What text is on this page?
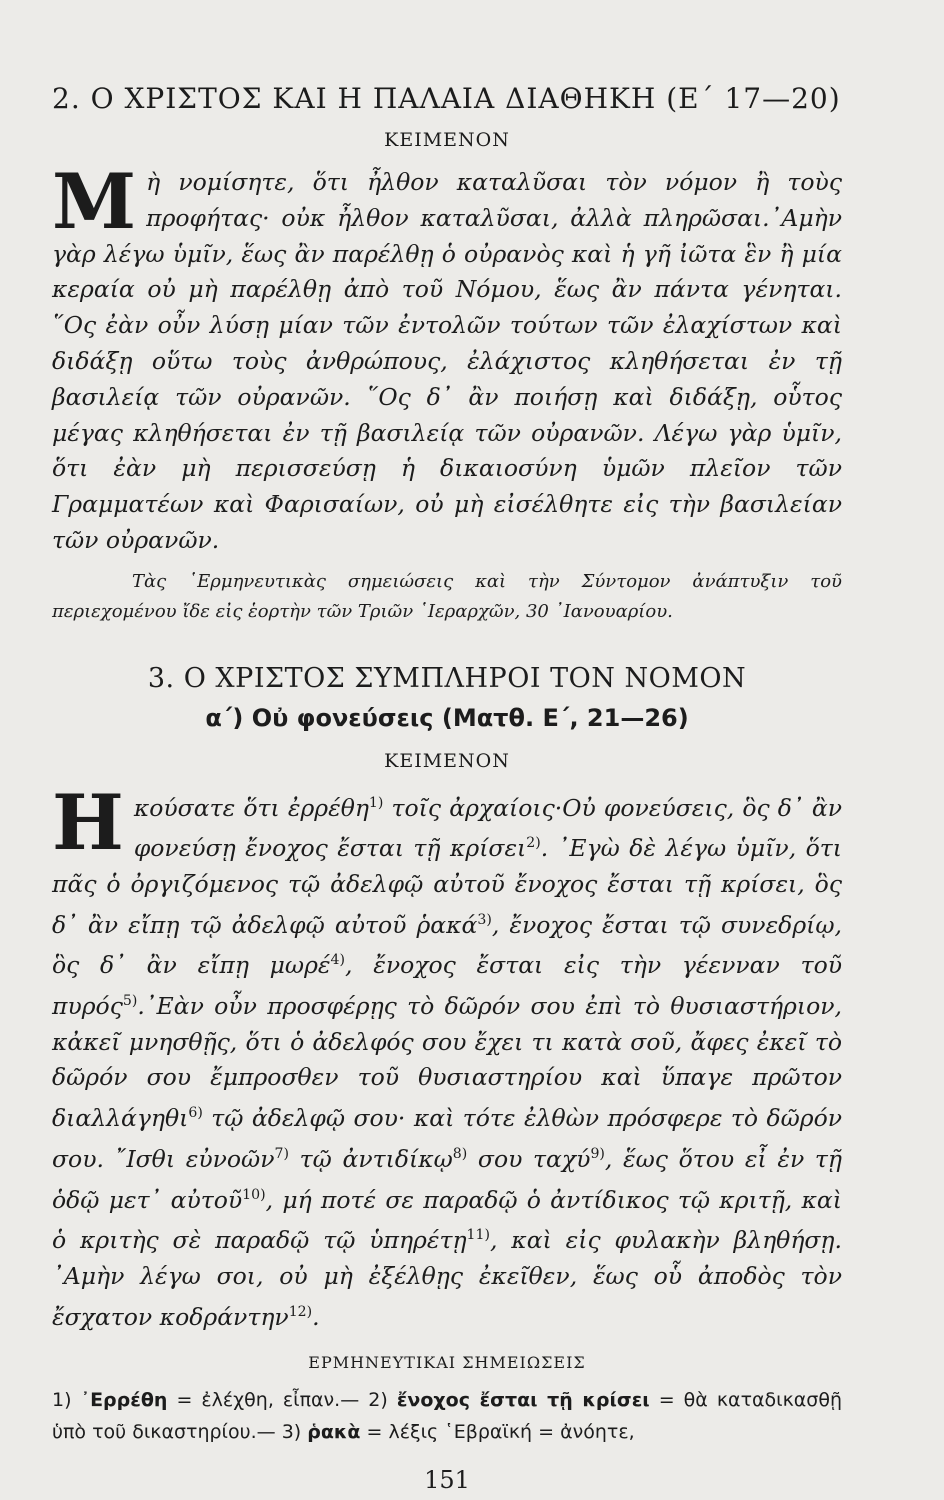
2. Ο ΧΡΙΣΤΟΣ ΚΑΙ Η ΠΑΛΑΙΑ ΔΙΑΘΗΚΗ (Ε΄ 17—20)
ΚΕΙΜΕΝΟΝ

Μὴ νομίσητε, ὅτι ἦλθον καταλῦσαι τὸν νόμον ἢ τοὺς προφήτας· οὐκ ἦλθον καταλῦσαι, ἀλλὰ πληρῶσαι.᾿Αμὴν γὰρ λέγω ὑμῖν, ἕως ἂν παρέλθῃ ὁ οὐρανὸς καὶ ἡ γῆ ἰῶτα ἓν ἢ μία κεραία οὐ μὴ παρέλθῃ ἀπὸ τοῦ Νόμου, ἕως ἂν πάντα γένηται. ῞Ος ἐὰν οὖν λύσῃ μίαν τῶν ἐντολῶν τούτων τῶν ἐλαχίστων καὶ διδάξῃ οὕτω τοὺς ἀνθρώπους, ἐλάχιστος κληθήσεται ἐν τῇ βασιλείᾳ τῶν οὐρανῶν. ῞Ος δ᾿ ἂν ποιήσῃ καὶ διδάξῃ, οὗτος μέγας κληθήσεται ἐν τῇ βασιλείᾳ τῶν οὐρανῶν. Λέγω γὰρ ὑμῖν, ὅτι ἐὰν μὴ περισσεύσῃ ἡ δικαιοσύνη ὑμῶν πλεῖον τῶν Γραμματέων καὶ Φαρισαίων, οὐ μὴ εἰσέλθητε εἰς τὴν βασιλείαν τῶν οὐρανῶν.

Τὰς ῾Ερμηνευτικὰς σημειώσεις καὶ τὴν Σύντομον ἀνάπτυξιν τοῦ περιεχομένου ἴδε εἰς ἑορτὴν τῶν Τριῶν ῾Ιεραρχῶν, 30 ᾿Ιανουαρίου.

3. Ο ΧΡΙΣΤΟΣ ΣΥΜΠΛΗΡΟΙ ΤΟΝ ΝΟΜΟΝ
α΄) Οὐ φονεύσεις (Ματθ. Ε΄, 21—26)
ΚΕΙΜΕΝΟΝ

Ηκούσατε ὅτι ἐρρέθη$^{1)}$ τοῖς ἀρχαίοις·Οὐ φονεύσεις, ὃς δ᾿ ἂν φονεύσῃ ἔνοχος ἔσται τῇ κρίσει$^{2)}$. ᾿Εγὼ δὲ λέγω ὑμῖν, ὅτι πᾶς ὁ ὀργιζόμενος τῷ ἀδελφῷ αὐτοῦ ἔνοχος ἔσται τῇ κρίσει, ὃς δ᾿ ἂν εἴπῃ τῷ ἀδελφῷ αὐτοῦ ῥακά$^{3)}$, ἔνοχος ἔσται τῷ συνεδρίῳ, ὃς δ᾿ ἂν εἴπῃ μωρέ$^{4)}$, ἔνοχος ἔσται εἰς τὴν γέενναν τοῦ πυρός$^{5)}$.᾿Εὰν οὖν προσφέρῃς τὸ δῶρόν σου ἐπὶ τὸ θυσιαστήριον, κἀκεῖ μνησθῇς, ὅτι ὁ ἀδελφός σου ἔχει τι κατὰ σοῦ, ἄφες ἐκεῖ τὸ δῶρόν σου ἔμπροσθεν τοῦ θυσιαστηρίου καὶ ὕπαγε πρῶτον διαλλάγηθι$^{6)}$ τῷ ἀδελφῷ σου· καὶ τότε ἐλθὼν πρόσφερε τὸ δῶρόν σου. ῎Ισθι εὐνοῶν$^{7)}$ τῷ ἀντιδίκῳ$^{8)}$ σου ταχύ$^{9)}$, ἕως ὅτου εἶ ἐν τῇ ὁδῷ μετ᾿ αὐτοῦ$^{10)}$, μή ποτέ σε παραδῷ ὁ ἀντίδικος τῷ κριτῇ, καὶ ὁ κριτὴς σὲ παραδῷ τῷ ὑπηρέτῃ$^{11)}$, καὶ εἰς φυλακὴν βληθήσῃ. ᾿Αμὴν λέγω σοι, οὐ μὴ ἐξέλθῃς ἐκεῖθεν, ἕως οὗ ἀποδὸς τὸν ἔσχατον κοδράντην$^{12)}$.

ΕΡΜΗΝΕΥΤΙΚΑΙ ΣΗΜΕΙΩΣΕΙΣ

1) ᾿Ερρέθη = ἐλέχθη, εἶπαν.— 2) ἔνοχος ἔσται τῇ κρίσει = θὰ καταδικασθῇ ὑπὸ τοῦ δικαστηρίου.— 3) ῥακὰ = λέξις ῾Εβραϊκή = ἀνόητε,

151
